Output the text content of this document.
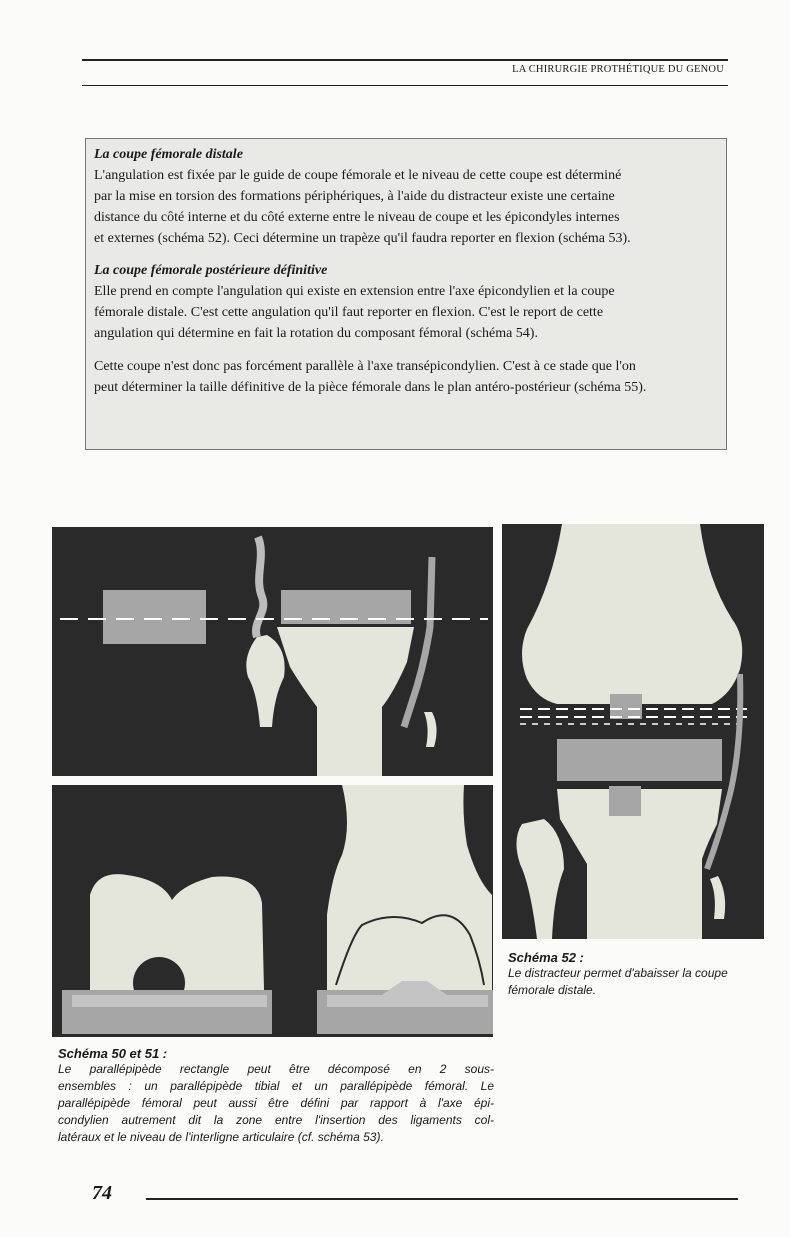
LA CHIRURGIE PROTHÉTIQUE DU GENOU

La coupe fémorale distale

L'angulation est fixée par le guide de coupe fémorale et le niveau de cette coupe est déterminé

par la mise en torsion des formations périphériques, à l'aide du distracteur existe une certaine

distance du côté interne et du côté externe entre le niveau de coupe et les épicondyles internes

et externes (schéma 52). Ceci détermine un trapèze qu'il faudra reporter en flexion (schéma 53).

La coupe fémorale postérieure définitive

Elle prend en compte l'angulation qui existe en extension entre l'axe épicondylien et la coupe

fémorale distale. C'est cette angulation qu'il faut reporter en flexion. C'est le report de cette

angulation qui détermine en fait la rotation du composant fémoral (schéma 54).

Cette coupe n'est donc pas forcément parallèle à l'axe transépicondylien. C'est à ce stade que l'on

peut déterminer la taille définitive de la pièce fémorale dans le plan antéro-postérieur (schéma 55).

Schéma 52 :
Le distracteur permet d'abaisser la coupe
fémorale distale.
Schéma 50 et 51 :
Le parallépipède rectangle peut être décomposé en 2 sous-
ensembles : un parallépipède tibial et un parallépipède fémoral. Le
parallépipède fémoral peut aussi être défini par rapport à l'axe épi-
condylien autrement dit la zone entre l'insertion des ligaments col-
latéraux et le niveau de l'interligne articulaire (cf. schéma 53).
74
